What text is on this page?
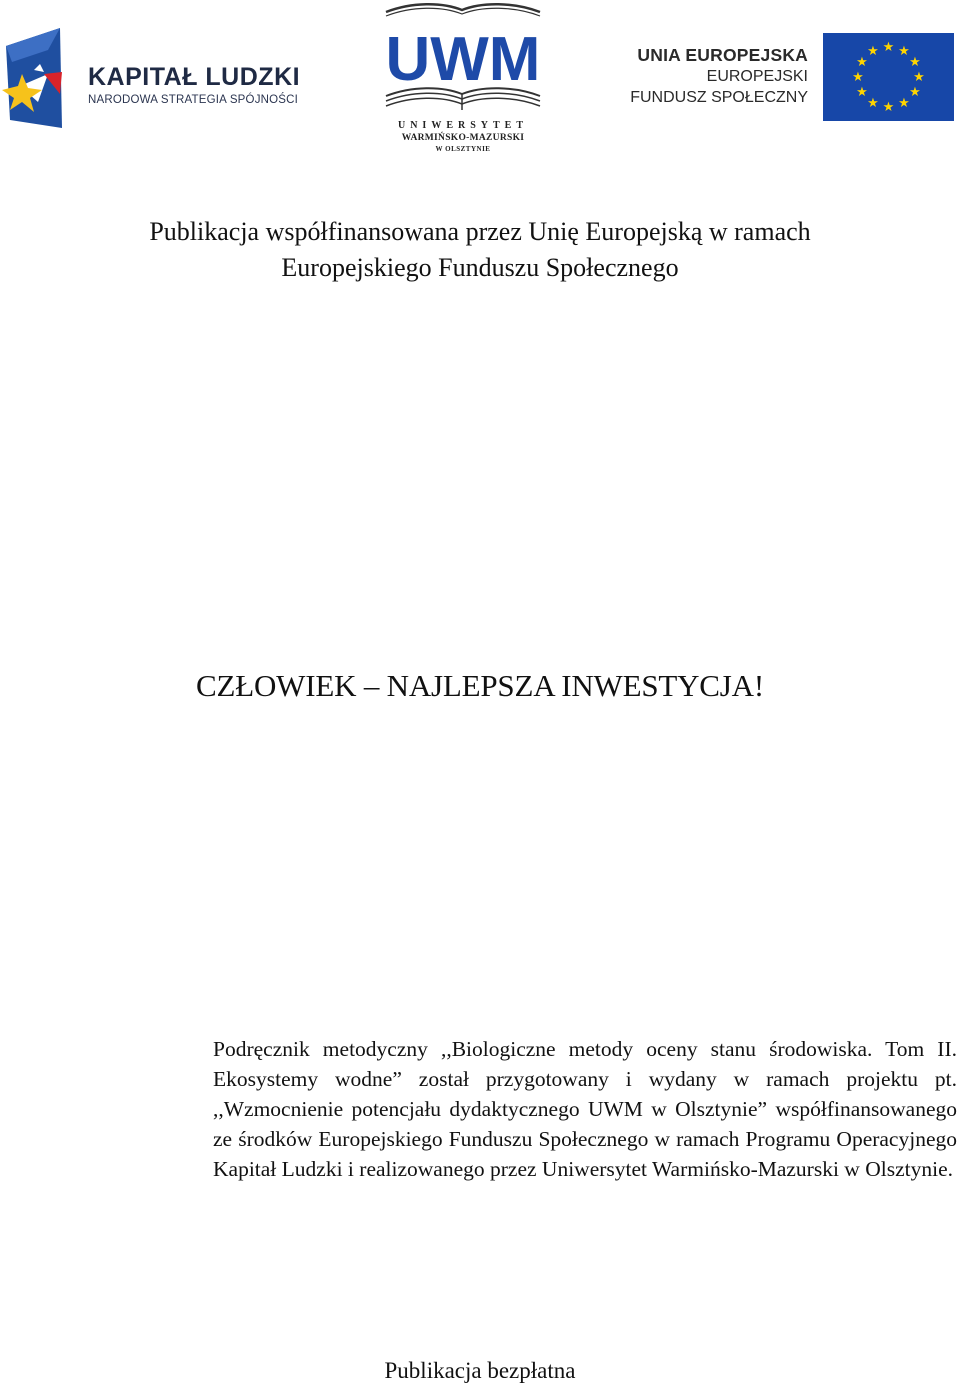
KAPITAŁ LUDZKI
NARODOWA STRATEGIA SPÓJNOŚCI
UWM
UNIWERSYTET
WARMIŃSKO-MAZURSKI
W OLSZTYNIE
UNIA EUROPEJSKA
EUROPEJSKI
FUNDUSZ SPOŁECZNY
★ ★
★
★
★
★
★
★
★
★
★
★
Publikacja współfinansowana przez Unię Europejską w ramach
Europejskiego Funduszu Społecznego
CZŁOWIEK – NAJLEPSZA INWESTYCJA!
Podręcznik metodyczny ,,Biologiczne metody oceny stanu środowiska. Tom II. Ekosystemy wodne” został przygotowany i wydany w ramach projektu pt. ,,Wzmocnienie potencjału dydaktycznego UWM w Olsztynie” współfinansowanego ze środków Europejskiego Funduszu Społecznego w ramach Programu Operacyjnego Kapitał Ludzki i realizowanego przez Uniwersytet Warmińsko-Mazurski w Olsztynie.
Publikacja bezpłatna
